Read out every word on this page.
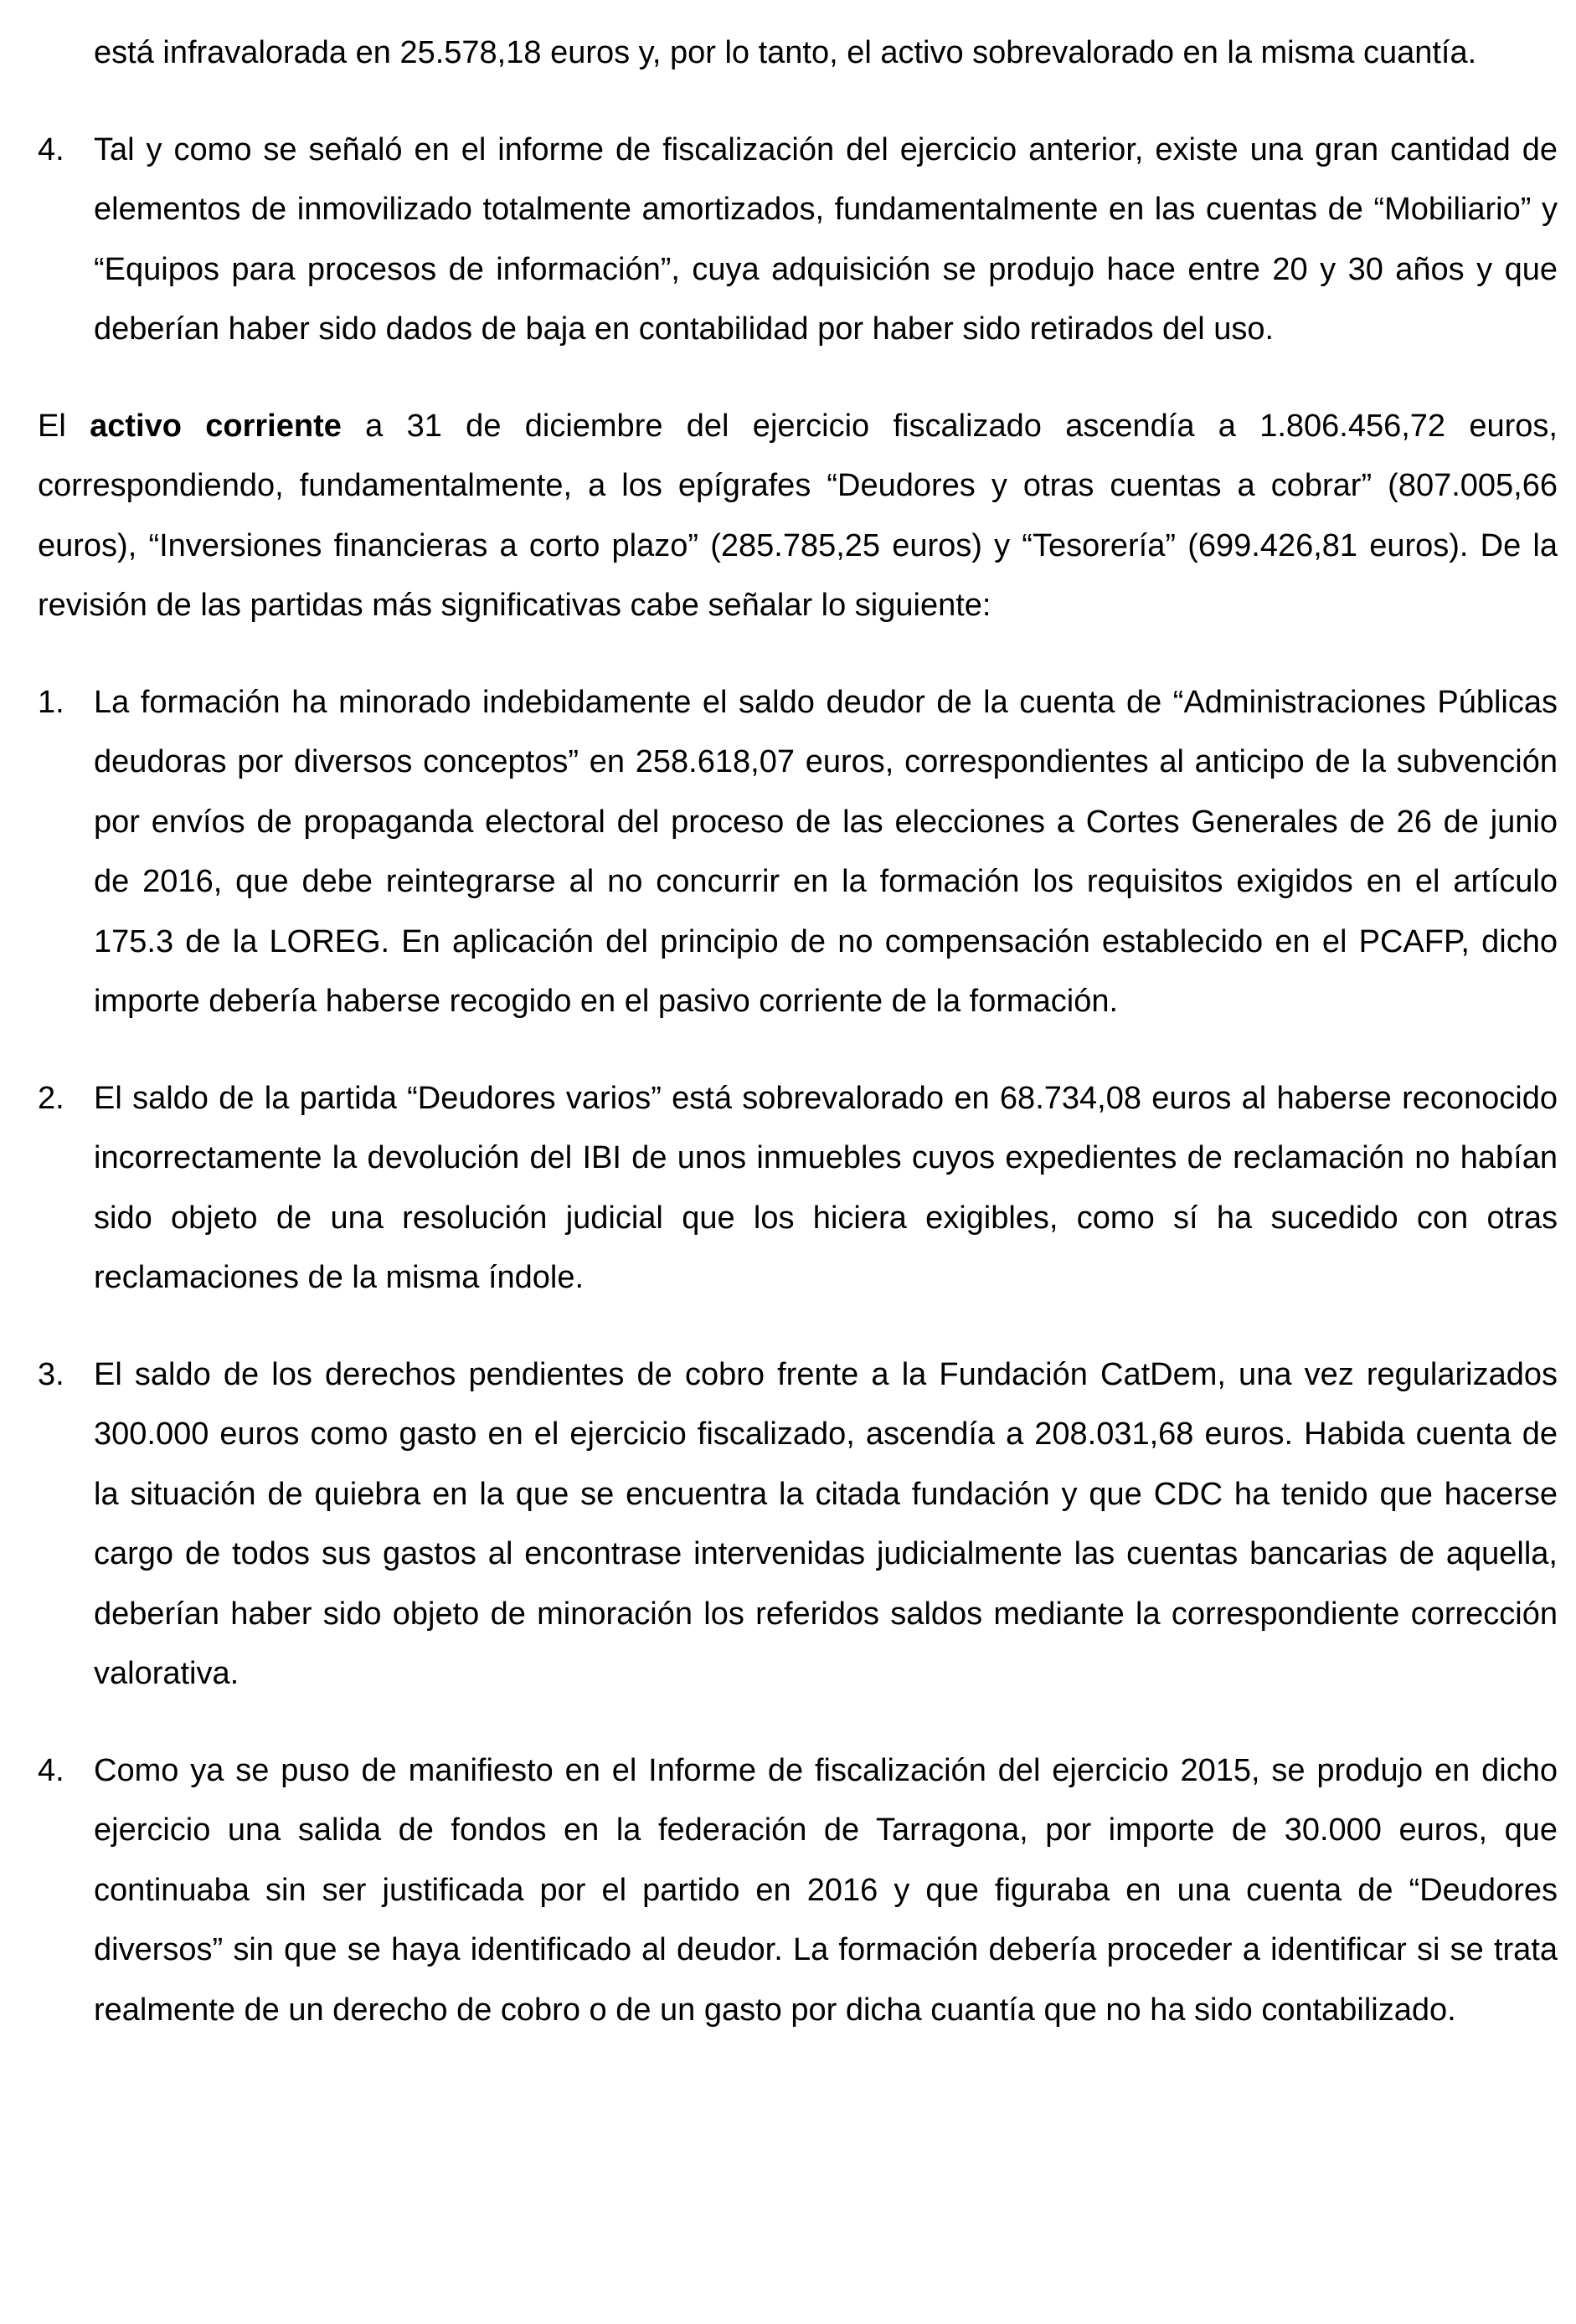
está infravalorada en 25.578,18 euros y, por lo tanto, el activo sobrevalorado en la misma cuantía.

4. Tal y como se señaló en el informe de fiscalización del ejercicio anterior, existe una gran cantidad de elementos de inmovilizado totalmente amortizados, fundamentalmente en las cuentas de “Mobiliario” y “Equipos para procesos de información”, cuya adquisición se produjo hace entre 20 y 30 años y que deberían haber sido dados de baja en contabilidad por haber sido retirados del uso.

El activo corriente a 31 de diciembre del ejercicio fiscalizado ascendía a 1.806.456,72 euros, correspondiendo, fundamentalmente, a los epígrafes “Deudores y otras cuentas a cobrar” (807.005,66 euros), “Inversiones financieras a corto plazo” (285.785,25 euros) y “Tesorería” (699.426,81 euros). De la revisión de las partidas más significativas cabe señalar lo siguiente:

1. La formación ha minorado indebidamente el saldo deudor de la cuenta de “Administraciones Públicas deudoras por diversos conceptos” en 258.618,07 euros, correspondientes al anticipo de la subvención por envíos de propaganda electoral del proceso de las elecciones a Cortes Generales de 26 de junio de 2016, que debe reintegrarse al no concurrir en la formación los requisitos exigidos en el artículo 175.3 de la LOREG. En aplicación del principio de no compensación establecido en el PCAFP, dicho importe debería haberse recogido en el pasivo corriente de la formación.
2. El saldo de la partida “Deudores varios” está sobrevalorado en 68.734,08 euros al haberse reconocido incorrectamente la devolución del IBI de unos inmuebles cuyos expedientes de reclamación no habían sido objeto de una resolución judicial que los hiciera exigibles, como sí ha sucedido con otras reclamaciones de la misma índole.
3. El saldo de los derechos pendientes de cobro frente a la Fundación CatDem, una vez regularizados 300.000 euros como gasto en el ejercicio fiscalizado, ascendía a 208.031,68 euros. Habida cuenta de la situación de quiebra en la que se encuentra la citada fundación y que CDC ha tenido que hacerse cargo de todos sus gastos al encontrase intervenidas judicialmente las cuentas bancarias de aquella, deberían haber sido objeto de minoración los referidos saldos mediante la correspondiente corrección valorativa.
4. Como ya se puso de manifiesto en el Informe de fiscalización del ejercicio 2015, se produjo en dicho ejercicio una salida de fondos en la federación de Tarragona, por importe de 30.000 euros, que continuaba sin ser justificada por el partido en 2016 y que figuraba en una cuenta de “Deudores diversos” sin que se haya identificado al deudor. La formación debería proceder a identificar si se trata realmente de un derecho de cobro o de un gasto por dicha cuantía que no ha sido contabilizado.
